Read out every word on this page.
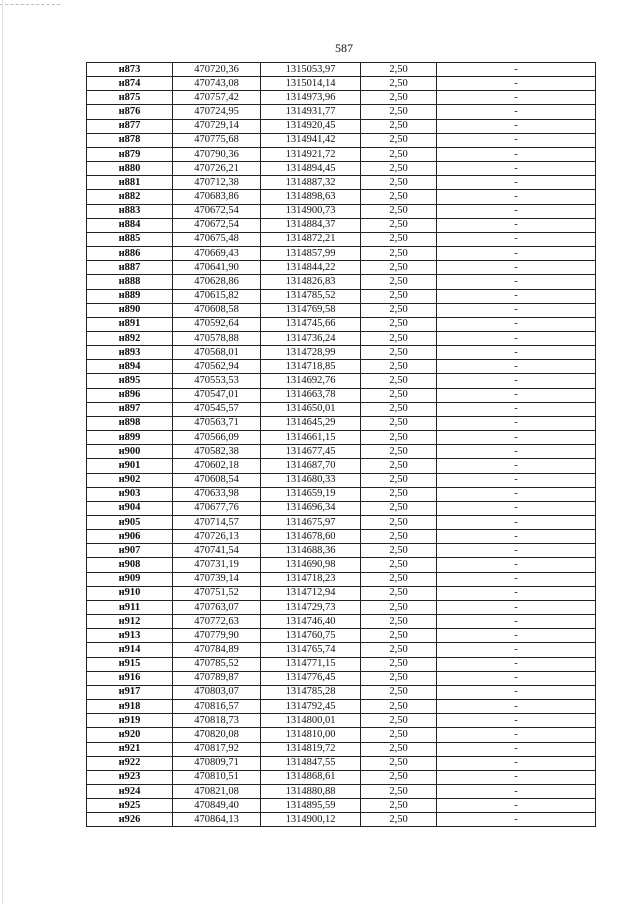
587
н873	470720,36	1315053,97	2,50	-
н874	470743,08	1315014,14	2,50	-
н875	470757,42	1314973,96	2,50	-
н876	470724,95	1314931,77	2,50	-
н877	470729,14	1314920,45	2,50	-
н878	470775,68	1314941,42	2,50	-
н879	470790,36	1314921,72	2,50	-
н880	470726,21	1314894,45	2,50	-
н881	470712,38	1314887,32	2,50	-
н882	470683,86	1314898,63	2,50	-
н883	470672,54	1314900,73	2,50	-
н884	470672,54	1314884,37	2,50	-
н885	470675,48	1314872,21	2,50	-
н886	470669,43	1314857,99	2,50	-
н887	470641,90	1314844,22	2,50	-
н888	470628,86	1314826,83	2,50	-
н889	470615,82	1314785,52	2,50	-
н890	470608,58	1314769,58	2,50	-
н891	470592,64	1314745,66	2,50	-
н892	470578,88	1314736,24	2,50	-
н893	470568,01	1314728,99	2,50	-
н894	470562,94	1314718,85	2,50	-
н895	470553,53	1314692,76	2,50	-
н896	470547,01	1314663,78	2,50	-
н897	470545,57	1314650,01	2,50	-
н898	470563,71	1314645,29	2,50	-
н899	470566,09	1314661,15	2,50	-
н900	470582,38	1314677,45	2,50	-
н901	470602,18	1314687,70	2,50	-
н902	470608,54	1314680,33	2,50	-
н903	470633,98	1314659,19	2,50	-
н904	470677,76	1314696,34	2,50	-
н905	470714,57	1314675,97	2,50	-
н906	470726,13	1314678,60	2,50	-
н907	470741,54	1314688,36	2,50	-
н908	470731,19	1314690,98	2,50	-
н909	470739,14	1314718,23	2,50	-
н910	470751,52	1314712,94	2,50	-
н911	470763,07	1314729,73	2,50	-
н912	470772,63	1314746,40	2,50	-
н913	470779,90	1314760,75	2,50	-
н914	470784,89	1314765,74	2,50	-
н915	470785,52	1314771,15	2,50	-
н916	470789,87	1314776,45	2,50	-
н917	470803,07	1314785,28	2,50	-
н918	470816,57	1314792,45	2,50	-
н919	470818,73	1314800,01	2,50	-
н920	470820,08	1314810,00	2,50	-
н921	470817,92	1314819,72	2,50	-
н922	470809,71	1314847,55	2,50	-
н923	470810,51	1314868,61	2,50	-
н924	470821,08	1314880,88	2,50	-
н925	470849,40	1314895,59	2,50	-
н926	470864,13	1314900,12	2,50	-
